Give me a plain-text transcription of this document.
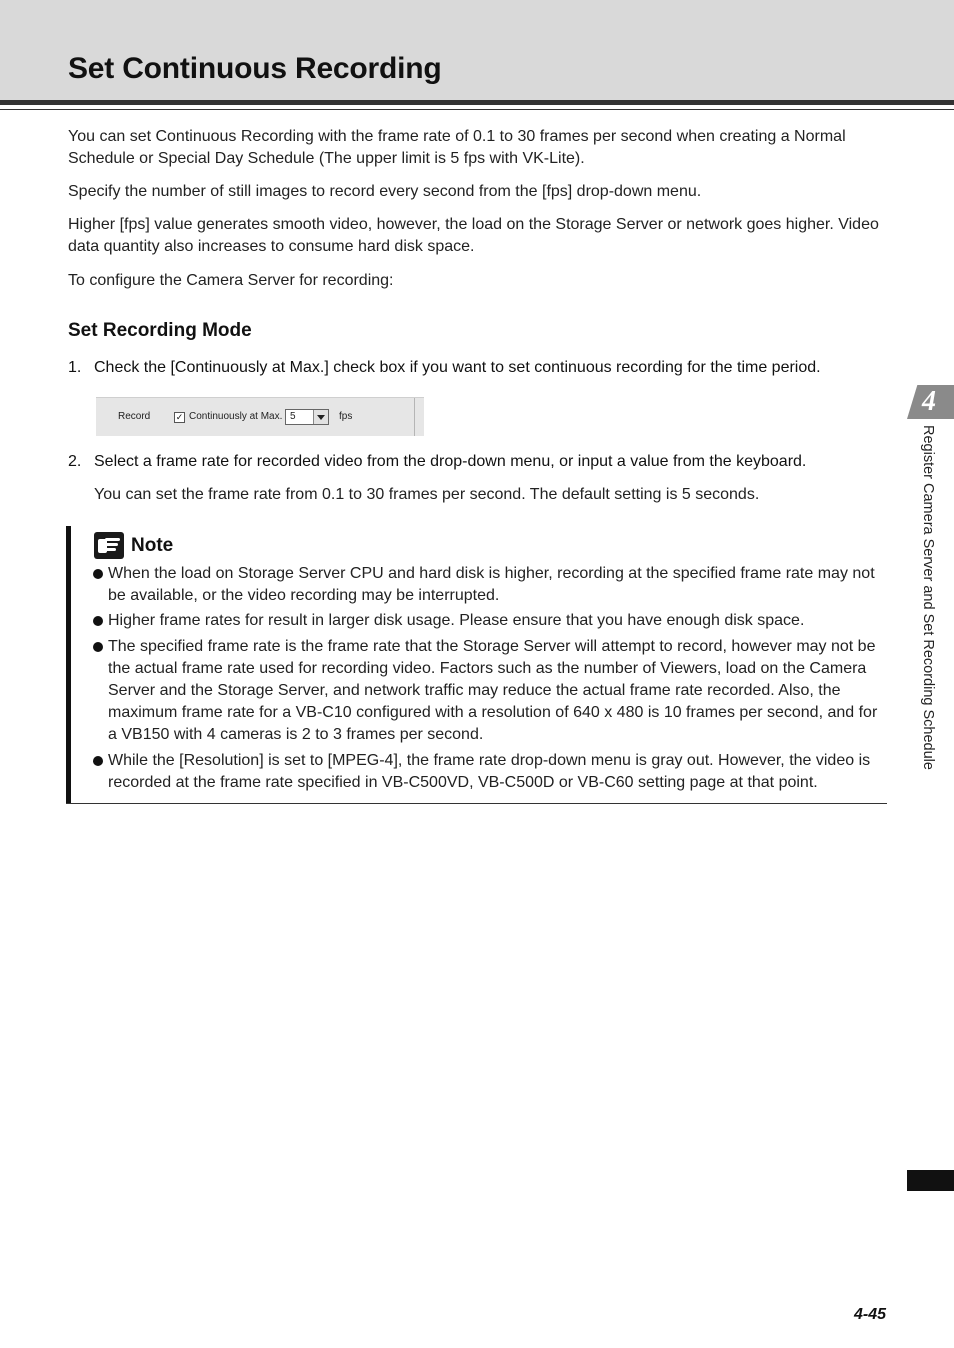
Set Continuous Recording

You can set Continuous Recording with the frame rate of 0.1 to 30 frames per second when creating a Normal Schedule or Special Day Schedule (The upper limit is 5 fps with VK-Lite).

Specify the number of still images to record every second from the [fps] drop-down menu.

Higher [fps] value generates smooth video, however, the load on the Storage Server or network goes higher. Video data quantity also increases to consume hard disk space.

To configure the Camera Server for recording:

Set Recording Mode
1. Check the [Continuously at Max.] check box if you want to set continuous recording for the time period.
Record	✓ Continuously at Max. 5	fps
2. Select a frame rate for recorded video from the drop-down menu, or input a value from the keyboard.

You can set the frame rate from 0.1 to 30 frames per second. The default setting is 5 seconds.

Note

When the load on Storage Server CPU and hard disk is higher, recording at the specified frame rate may not be available, or the video recording may be interrupted.

Higher frame rates for result in larger disk usage. Please ensure that you have enough disk space.

The specified frame rate is the frame rate that the Storage Server will attempt to record, however may not be the actual frame rate used for recording video. Factors such as the number of Viewers, load on the Camera Server and the Storage Server, and network traffic may reduce the actual frame rate recorded. Also, the maximum frame rate for a VB-C10 configured with a resolution of 640 x 480 is 10 frames per second, and for a VB150 with 4 cameras is 2 to 3 frames per second.

While the [Resolution] is set to [MPEG-4], the frame rate drop-down menu is gray out. However, the video is recorded at the frame rate specified in VB-C500VD, VB-C500D or VB-C60 setting page at that point.

4
Register Camera Server and Set Recording Schedule
4-45
